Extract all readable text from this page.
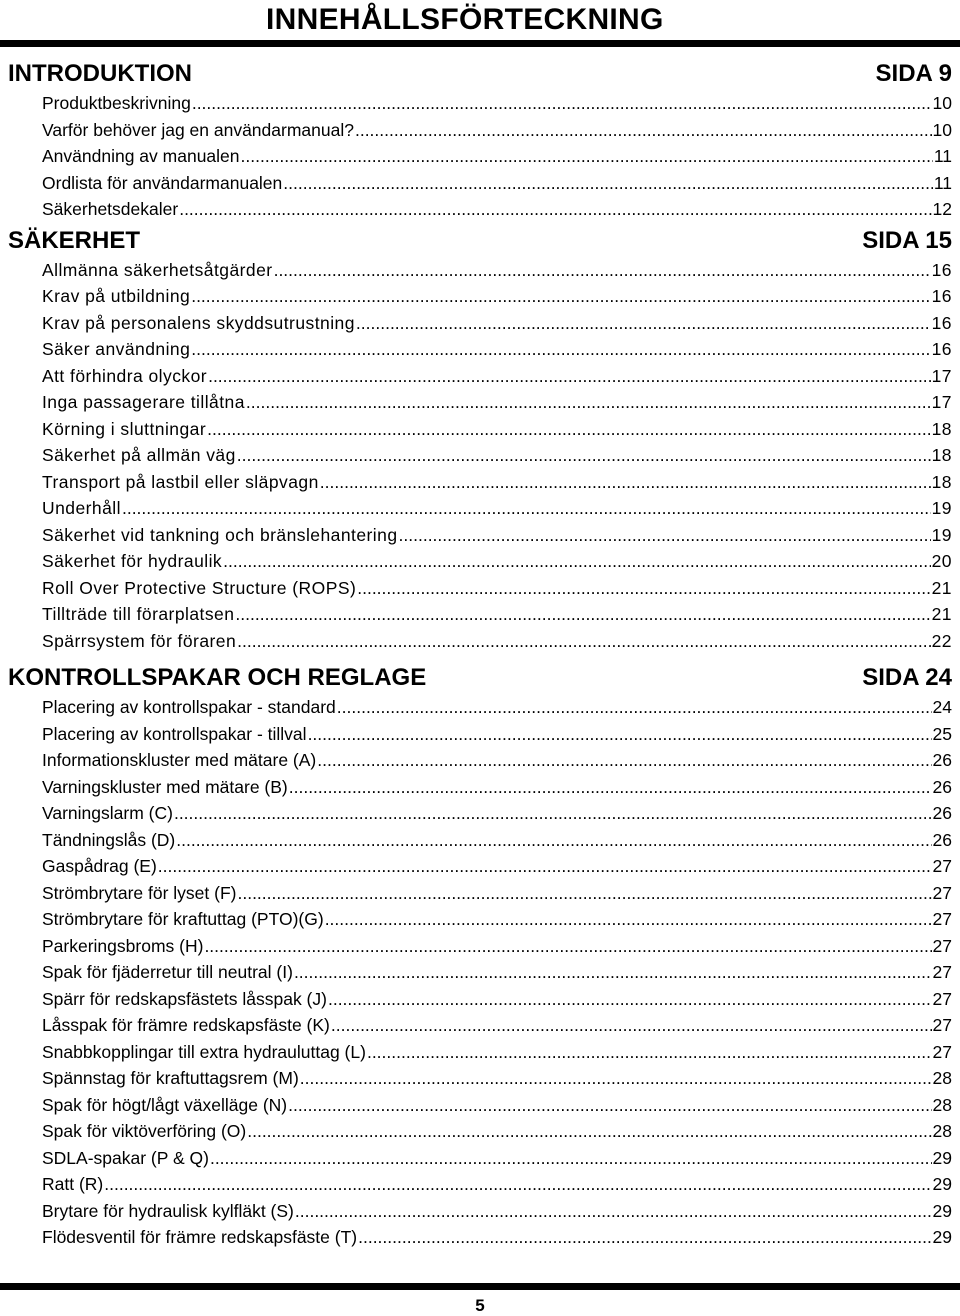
INNEHÅLLSFÖRTECKNING
INTRODUKTION	SIDA 9
Produktbeskrivning .....	10
Varför behöver jag en användarmanual? .....	10
Användning av manualen .....	11
Ordlista för användarmanualen .....	11
Säkerhetsdekaler .....	12
SÄKERHET	SIDA 15
Allmänna säkerhetsåtgärder .....	16
Krav på utbildning .....	16
Krav på personalens skyddsutrustning .....	16
Säker användning .....	16
Att förhindra olyckor .....	17
Inga passagerare tillåtna .....	17
Körning i sluttningar .....	18
Säkerhet på allmän väg .....	18
Transport på lastbil eller släpvagn .....	18
Underhåll .....	19
Säkerhet vid tankning och bränslehantering .....	19
Säkerhet för hydraulik .....	20
Roll Over Protective Structure (ROPS) .....	21
Tillträde till förarplatsen .....	21
Spärrsystem för föraren .....	22
KONTROLLSPAKAR OCH REGLAGE	SIDA 24
Placering av kontrollspakar - standard .....	24
Placering av kontrollspakar - tillval .....	25
Informationskluster med mätare (A) .....	26
Varningskluster med mätare (B) .....	26
Varningslarm (C) .....	26
Tändningslås (D) .....	26
Gaspådrag (E) .....	27
Strömbrytare för lyset (F) .....	27
Strömbrytare för kraftuttag (PTO)(G) .....	27
Parkeringsbroms (H) .....	27
Spak för fjäderretur till neutral (I) .....	27
Spärr för redskapsfästets låsspak (J) .....	27
Låsspak för främre redskapsfäste (K) .....	27
Snabbkopplingar till extra hydrauluttag (L) .....	27
Spännstag för kraftuttagsrem (M) .....	28
Spak för högt/lågt växelläge (N) .....	28
Spak för viktöverföring (O) .....	28
SDLA-spakar (P & Q) .....	29
Ratt (R) .....	29
Brytare för hydraulisk kylfläkt (S) .....	29
Flödesventil för främre redskapsfäste (T) .....	29
5
